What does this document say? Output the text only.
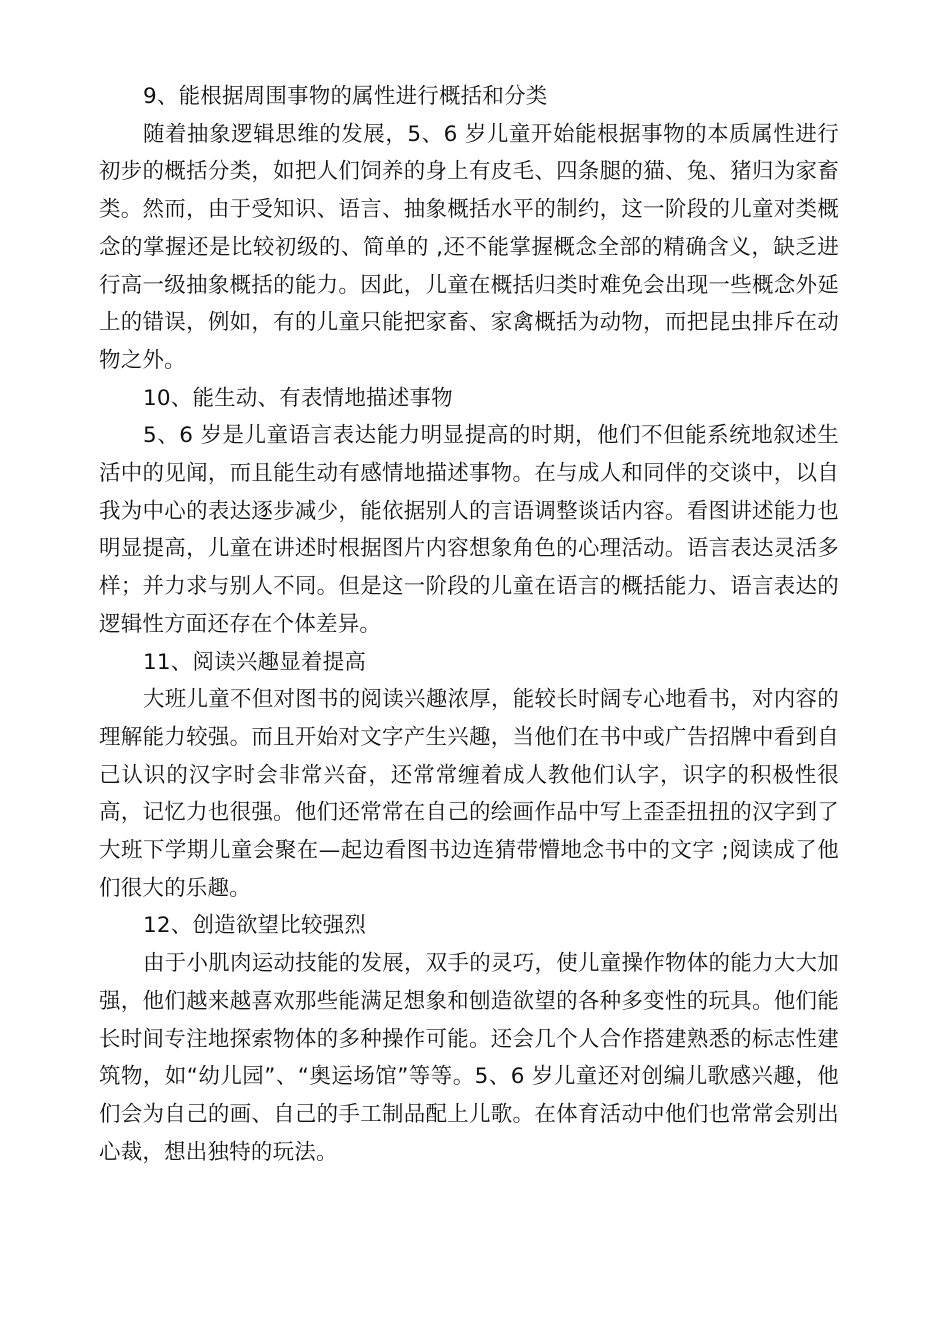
9、能根据周围事物的属性进行概括和分类

随着抽象逻辑思维的发展，5、6 岁儿童开始能根据事物的本质属性进行初步的概括分类，如把人们饲养的身上有皮毛、四条腿的猫、兔、猪归为家畜类。然而，由于受知识、语言、抽象概括水平的制约，这一阶段的儿童对类概念的掌握还是比较初级的、简单的 ,还不能掌握概念全部的精确含义，缺乏进行高一级抽象概括的能力。因此，儿童在概括归类时难免会出现一些概念外延上的错误，例如，有的儿童只能把家畜、家禽概括为动物，而把昆虫排斥在动物之外。

10、能生动、有表情地描述事物

5、6 岁是儿童语言表达能力明显提高的时期，他们不但能系统地叙述生活中的见闻，而且能生动有感情地描述事物。在与成人和同伴的交谈中，以自我为中心的表达逐步减少，能依据别人的言语调整谈话内容。看图讲述能力也明显提高，儿童在讲述时根据图片内容想象角色的心理活动。语言表达灵活多样；并力求与别人不同。但是这一阶段的儿童在语言的概括能力、语言表达的逻辑性方面还存在个体差异。

11、阅读兴趣显着提高

大班儿童不但对图书的阅读兴趣浓厚，能较长时阔专心地看书，对内容的理解能力较强。而且开始对文字产生兴趣，当他们在书中或广告招牌中看到自己认识的汉字时会非常兴奋，还常常缠着成人教他们认字，识字的积极性很高，记忆力也很强。他们还常常在自己的绘画作品中写上歪歪扭扭的汉字到了大班下学期儿童会聚在—起边看图书边连猜带懵地念书中的文字 ;阅读成了他们很大的乐趣。

12、创造欲望比较强烈

由于小肌肉运动技能的发展，双手的灵巧，使儿童操作物体的能力大大加强，他们越来越喜欢那些能满足想象和刨造欲望的各种多变性的玩具。他们能长时间专注地探索物体的多种操作可能。还会几个人合作搭建熟悉的标志性建筑物，如“幼儿园”、“奥运场馆”等等。5、6 岁儿童还对创编儿歌感兴趣，他们会为自己的画、自己的手工制品配上儿歌。在体育活动中他们也常常会别出心裁，想出独特的玩法。
